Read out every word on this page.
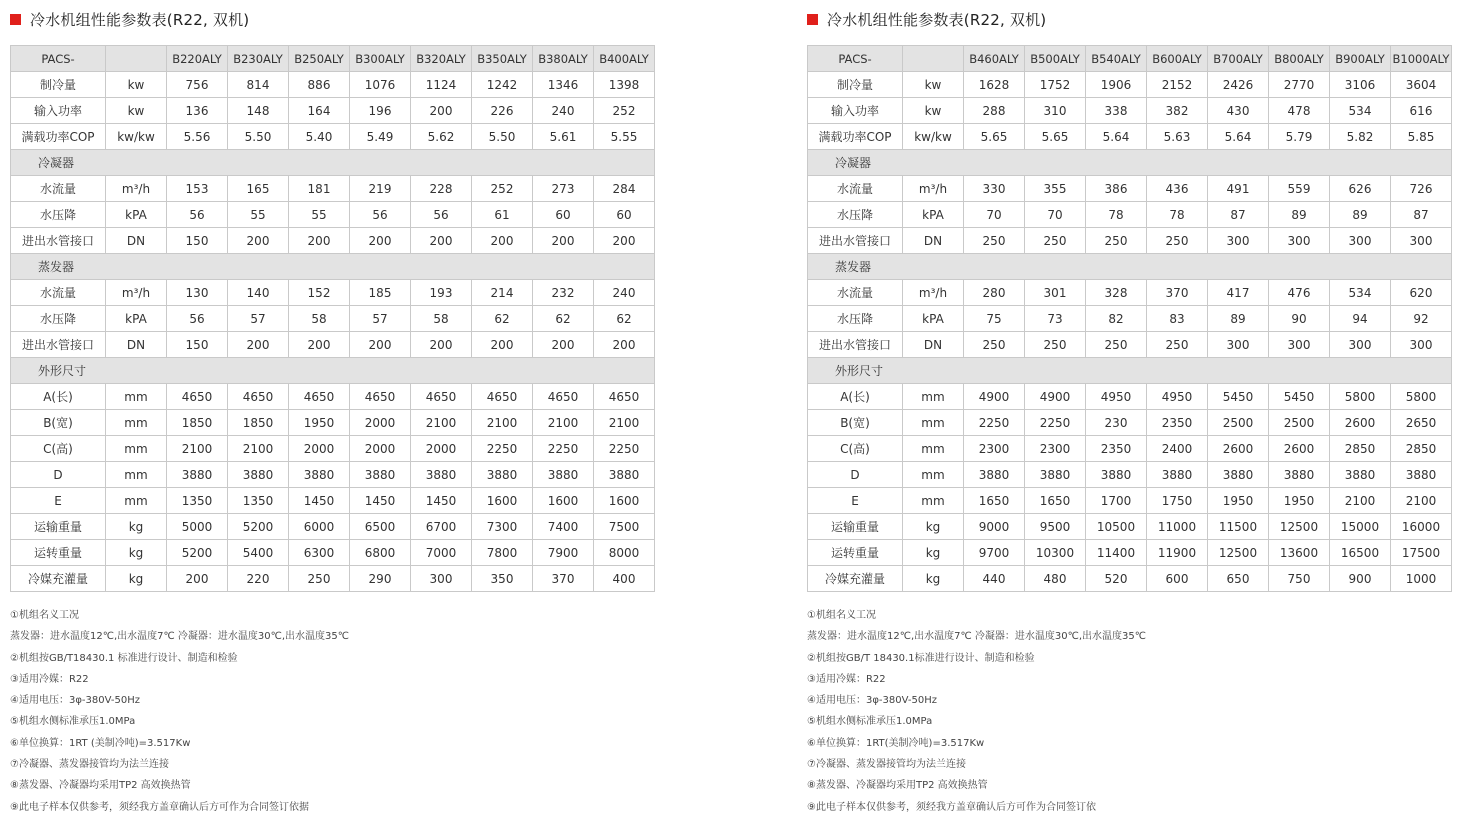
冷水机组性能参数表(R22, 双机)
PACS-		B220ALY	B230ALY	B250ALY	B300ALY	B320ALY	B350ALY	B380ALY	B400ALY
制冷量	kw	756	814	886	1076	1124	1242	1346	1398
输入功率	kw	136	148	164	196	200	226	240	252
满载功率COP	kw/kw	5.56	5.50	5.40	5.49	5.62	5.50	5.61	5.55
冷凝器									
水流量	m³/h	153	165	181	219	228	252	273	284
水压降	kPA	56	55	55	56	56	61	60	60
进出水管接口	DN	150	200	200	200	200	200	200	200
蒸发器									
水流量	m³/h	130	140	152	185	193	214	232	240
水压降	kPA	56	57	58	57	58	62	62	62
进出水管接口	DN	150	200	200	200	200	200	200	200
外形尺寸									
A(长)	mm	4650	4650	4650	4650	4650	4650	4650	4650
B(宽)	mm	1850	1850	1950	2000	2100	2100	2100	2100
C(高)	mm	2100	2100	2000	2000	2000	2250	2250	2250
D	mm	3880	3880	3880	3880	3880	3880	3880	3880
E	mm	1350	1350	1450	1450	1450	1600	1600	1600
运输重量	kg	5000	5200	6000	6500	6700	7300	7400	7500
运转重量	kg	5200	5400	6300	6800	7000	7800	7900	8000
冷媒充灌量	kg	200	220	250	290	300	350	370	400
①机组名义工况
蒸发器：进水温度12℃,出水温度7℃ 冷凝器：进水温度30℃,出水温度35℃
②机组按GB/T18430.1 标准进行设计、制造和检验
③适用冷媒：R22
④适用电压：3φ-380V-50Hz
⑤机组水侧标准承压1.0MPa
⑥单位换算：1RT (美制冷吨)=3.517Kw
⑦冷凝器、蒸发器接管均为法兰连接
⑧蒸发器、冷凝器均采用TP2 高效换热管
⑨此电子样本仅供参考，须经我方盖章确认后方可作为合同签订依据
冷水机组性能参数表(R22, 双机)
PACS-		B460ALY	B500ALY	B540ALY	B600ALY	B700ALY	B800ALY	B900ALY	B1000ALY
制冷量	kw	1628	1752	1906	2152	2426	2770	3106	3604
输入功率	kw	288	310	338	382	430	478	534	616
满载功率COP	kw/kw	5.65	5.65	5.64	5.63	5.64	5.79	5.82	5.85
冷凝器									
水流量	m³/h	330	355	386	436	491	559	626	726
水压降	kPA	70	70	78	78	87	89	89	87
进出水管接口	DN	250	250	250	250	300	300	300	300
蒸发器									
水流量	m³/h	280	301	328	370	417	476	534	620
水压降	kPA	75	73	82	83	89	90	94	92
进出水管接口	DN	250	250	250	250	300	300	300	300
外形尺寸									
A(长)	mm	4900	4900	4950	4950	5450	5450	5800	5800
B(宽)	mm	2250	2250	230	2350	2500	2500	2600	2650
C(高)	mm	2300	2300	2350	2400	2600	2600	2850	2850
D	mm	3880	3880	3880	3880	3880	3880	3880	3880
E	mm	1650	1650	1700	1750	1950	1950	2100	2100
运输重量	kg	9000	9500	10500	11000	11500	12500	15000	16000
运转重量	kg	9700	10300	11400	11900	12500	13600	16500	17500
冷媒充灌量	kg	440	480	520	600	650	750	900	1000
①机组名义工况
蒸发器：进水温度12℃,出水温度7℃ 冷凝器：进水温度30℃,出水温度35℃
②机组按GB/T 18430.1标准进行设计、制造和检验
③适用冷媒：R22
④适用电压：3φ-380V-50Hz
⑤机组水侧标准承压1.0MPa
⑥单位换算：1RT(美制冷吨)=3.517Kw
⑦冷凝器、蒸发器接管均为法兰连接
⑧蒸发器、冷凝器均采用TP2 高效换热管
⑨此电子样本仅供参考，须经我方盖章确认后方可作为合同签订依
